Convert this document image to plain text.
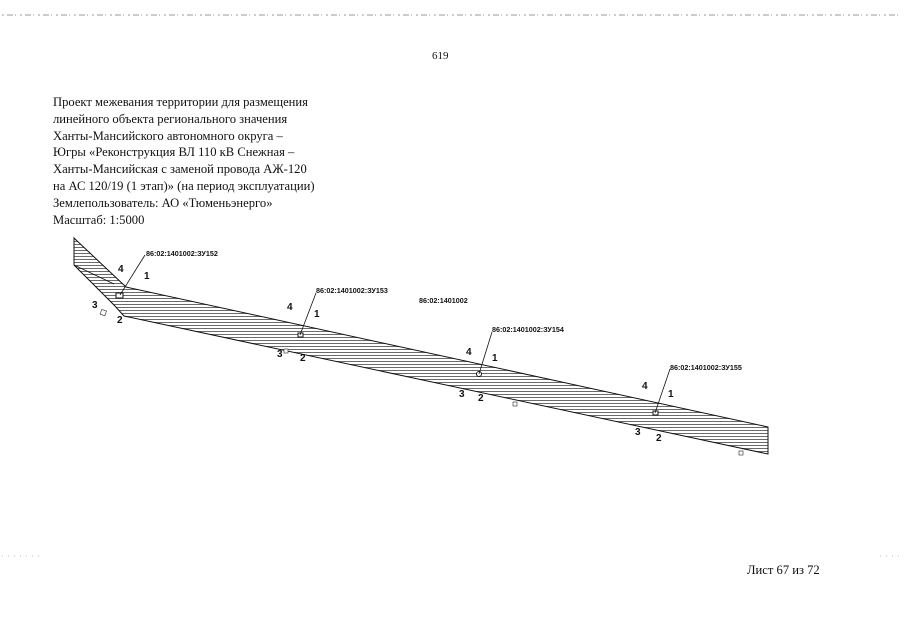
619
Проект межевания территории для размещения
линейного объекта регионального значения
Ханты-Мансийского автономного округа –
Югры «Реконструкция ВЛ 110 кВ Снежная –
Ханты-Мансийская с заменой провода АЖ-120
на АС 120/19 (1 этап)» (на период эксплуатации)
Землепользователь: АО «Тюменьэнерго»
Масштаб: 1:5000
86:02:1401002:ЗУ152
4
1
3
2
86:02:1401002:ЗУ153
4
1
3 2
86:02:1401002
86:02:1401002:ЗУ154
4
1
3 2
86:02:1401002:ЗУ155
4
1
3
2
Лист 67 из 72
